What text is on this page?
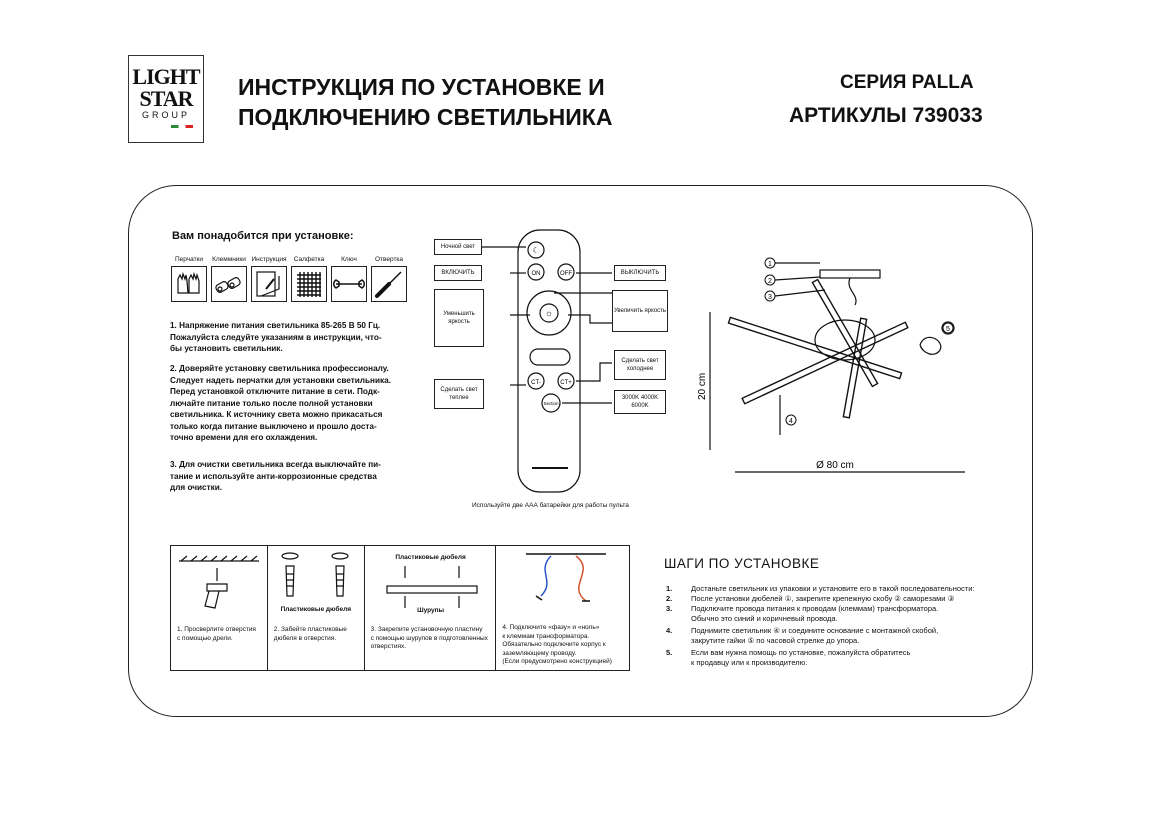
LIGHT
STAR
GROUP
ИНСТРУКЦИЯ ПО УСТАНОВКЕ И ПОДКЛЮЧЕНИЮ СВЕТИЛЬНИКА
СЕРИЯ PALLA
АРТИКУЛЫ 739033
Вам понадобится при установке:
Перчатки	Клеммники Инструкция	Салфетка	Ключ	Отвертка
1. Напряжение питания светильника 85-265 В 50 Гц.
Пожалуйста следуйте указаниям в инструкции, что-
бы установить светильник.
2. Доверяйте установку светильника профессионалу.
Следует надеть перчатки для установки светильника.
Перед установкой отключите питание в сети. Подк-
лючайте питание только после полной установки
светильника. К источнику света можно прикасаться
только когда питание выключено и прошло доста-
точно времени для его охлаждения.
3. Для очистки светильника всегда выключайте пи-
тание и используйте анти-коррозионные средства
для очистки.
ON	OFF
CT-	CT+
Section
☼
☾
Ночной свет
ВКЛЮЧИТЬ	ВЫКЛЮЧИТЬ
Уменьшить яркость
Увеличить яркость
Сделать свет холоднее
Сделать свет теплее	3000K 4000K 6000K
Используйте две ААА батарейки для работы пульта
1
2
3
4
5
20 cm
Ø 80 cm
1. Просверлите отверстия
с помощью дрели.
Пластиковые дюбеля
2. Забейте пластиковые
дюбеля в отверстия.
Пластиковые дюбеля
Шурупы
3. Закрепите установочную пластину
с помощью шурупов в подготовленных
отверстиях.
4. Подключите «фазу» и «ноль»
к клеммам трансформатора.
Обязательно подключите корпус к
заземляющему проводу.
(Если предусмотрено конструкцией)
ШАГИ ПО УСТАНОВКЕ
1. Достаньте светильник из упаковки и установите его в такой последовательности:
2. После установки дюбелей ①, закрепите крепежную скобу ② саморезами ③
3. Подключите провода питания к проводам (клеммам) трансформатора.
Обычно это синий и коричневый провода.
4. Поднимите светильник ④ и соедините основание с монтажной скобой,
закрутите гайки ⑤ по часовой стрелке до упора.
5. Если вам нужна помощь по установке, пожалуйста обратитесь
к продавцу или к производителю.
